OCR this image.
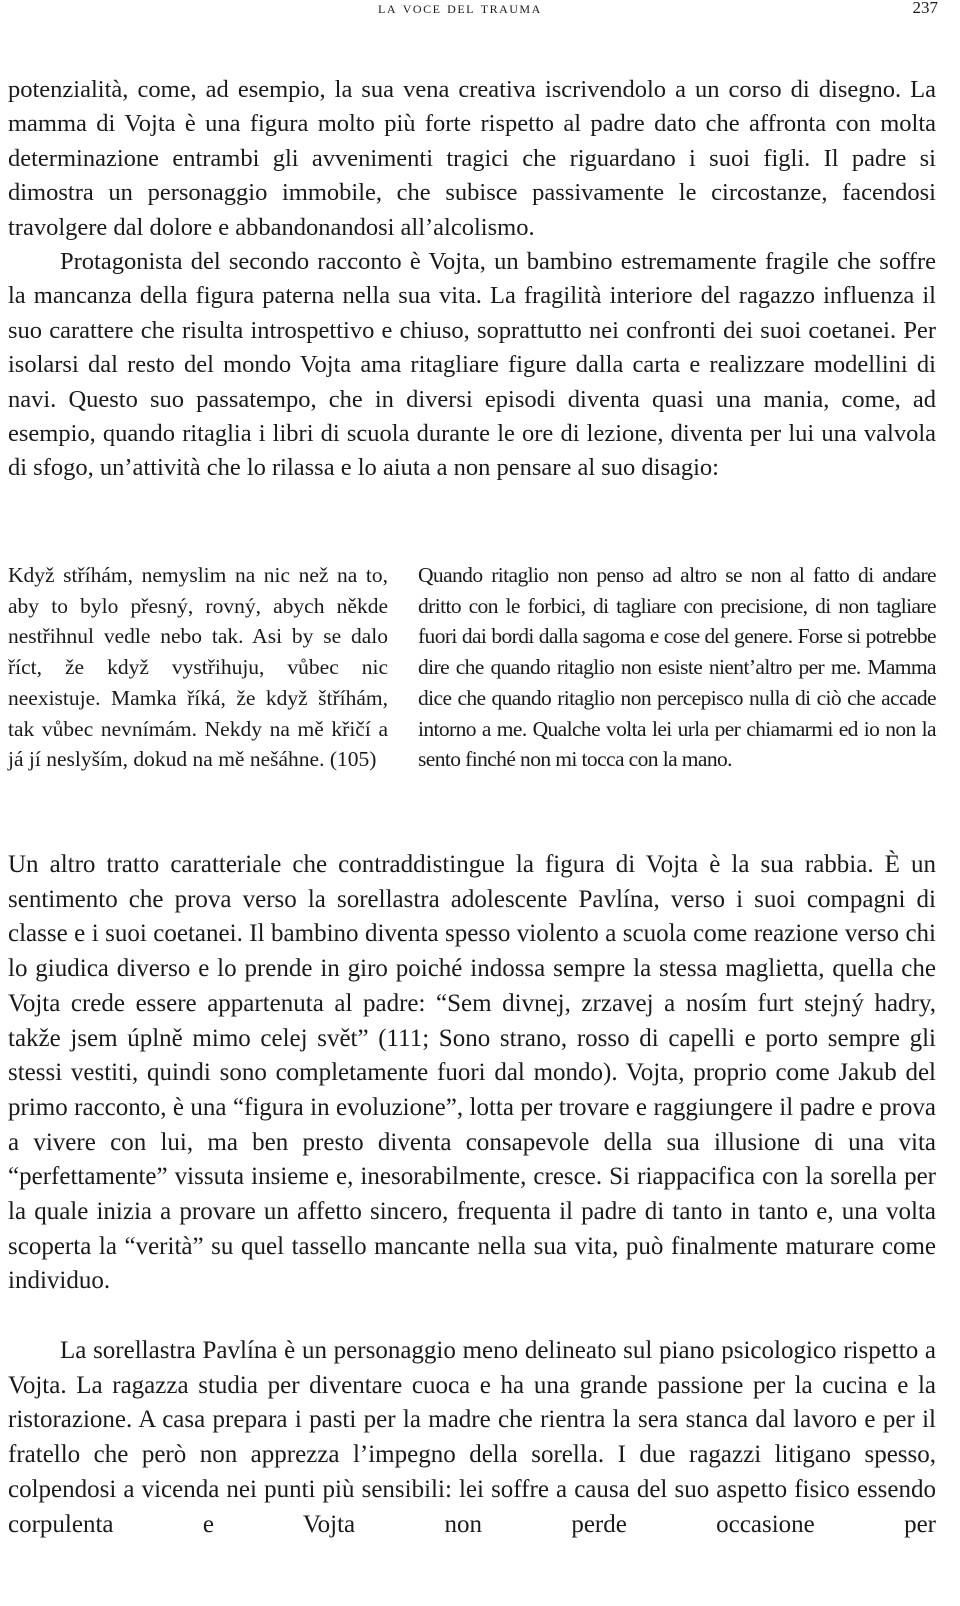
la voce del trauma	237

potenzialità, come, ad esempio, la sua vena creativa iscrivendolo a un corso di disegno. La mamma di Vojta è una figura molto più forte rispetto al padre dato che affronta con molta determinazione entrambi gli avvenimenti tragici che riguardano i suoi figli. Il padre si dimostra un personaggio immobile, che subisce passivamente le circostanze, facendosi travolgere dal dolore e abbandonandosi all’alcolismo.

Protagonista del secondo racconto è Vojta, un bambino estremamente fragile che soffre la mancanza della figura paterna nella sua vita. La fragilità interiore del ragazzo influenza il suo carattere che risulta introspettivo e chiuso, soprattutto nei confronti dei suoi coetanei. Per isolarsi dal resto del mondo Vojta ama ritagliare figure dalla carta e realizzare modellini di navi. Questo suo passatempo, che in diversi episodi diventa quasi una mania, come, ad esempio, quando ritaglia i libri di scuola durante le ore di lezione, diventa per lui una valvola di sfogo, un’attività che lo rilassa e lo aiuta a non pensare al suo disagio:

Když stříhám, nemyslim na nic než na to, aby to bylo přesný, rovný, abych někde nestřihnul vedle nebo tak. Asi by se dalo říct, že když vystřihuju, vůbec nic neexistuje. Mamka říká, že když štříhám, tak vůbec nevnímám. Nekdy na mě křičí a já jí neslyším, dokud na mě nešáhne. (105)

Quando ritaglio non penso ad altro se non al fatto di andare dritto con le forbici, di tagliare con precisione, di non tagliare fuori dai bordi dalla sagoma e cose del genere. Forse si potrebbe dire che quando ritaglio non esiste nient’altro per me. Mamma dice che quando ritaglio non percepisco nulla di ciò che accade intorno a me. Qualche volta lei urla per chiamarmi ed io non la sento finché non mi tocca con la mano.

Un altro tratto caratteriale che contraddistingue la figura di Vojta è la sua rabbia. È un sentimento che prova verso la sorellastra adolescente Pavlína, verso i suoi compagni di classe e i suoi coetanei. Il bambino diventa spesso violento a scuola come reazione verso chi lo giudica diverso e lo prende in giro poiché indossa sempre la stessa maglietta, quella che Vojta crede essere appartenuta al padre: “Sem divnej, zrzavej a nosím furt stejný hadry, takže jsem úplně mimo celej svět” (111; Sono strano, rosso di capelli e porto sempre gli stessi vestiti, quindi sono completamente fuori dal mondo). Vojta, proprio come Jakub del primo racconto, è una “figura in evoluzione”, lotta per trovare e raggiungere il padre e prova a vivere con lui, ma ben presto diventa consapevole della sua illusione di una vita “perfettamente” vissuta insieme e, inesorabilmente, cresce. Si riappacifica con la sorella per la quale inizia a provare un affetto sincero, frequenta il padre di tanto in tanto e, una volta scoperta la “verità” su quel tassello mancante nella sua vita, può finalmente maturare come individuo.

La sorellastra Pavlína è un personaggio meno delineato sul piano psicologico rispetto a Vojta. La ragazza studia per diventare cuoca e ha una grande passione per la cucina e la ristorazione. A casa prepara i pasti per la madre che rientra la sera stanca dal lavoro e per il fratello che però non apprezza l’impegno della sorella. I due ragazzi litigano spesso, colpendosi a vicenda nei punti più sensibili: lei soffre a causa del suo aspetto fisico essendo corpulenta e Vojta non perde occasione per
